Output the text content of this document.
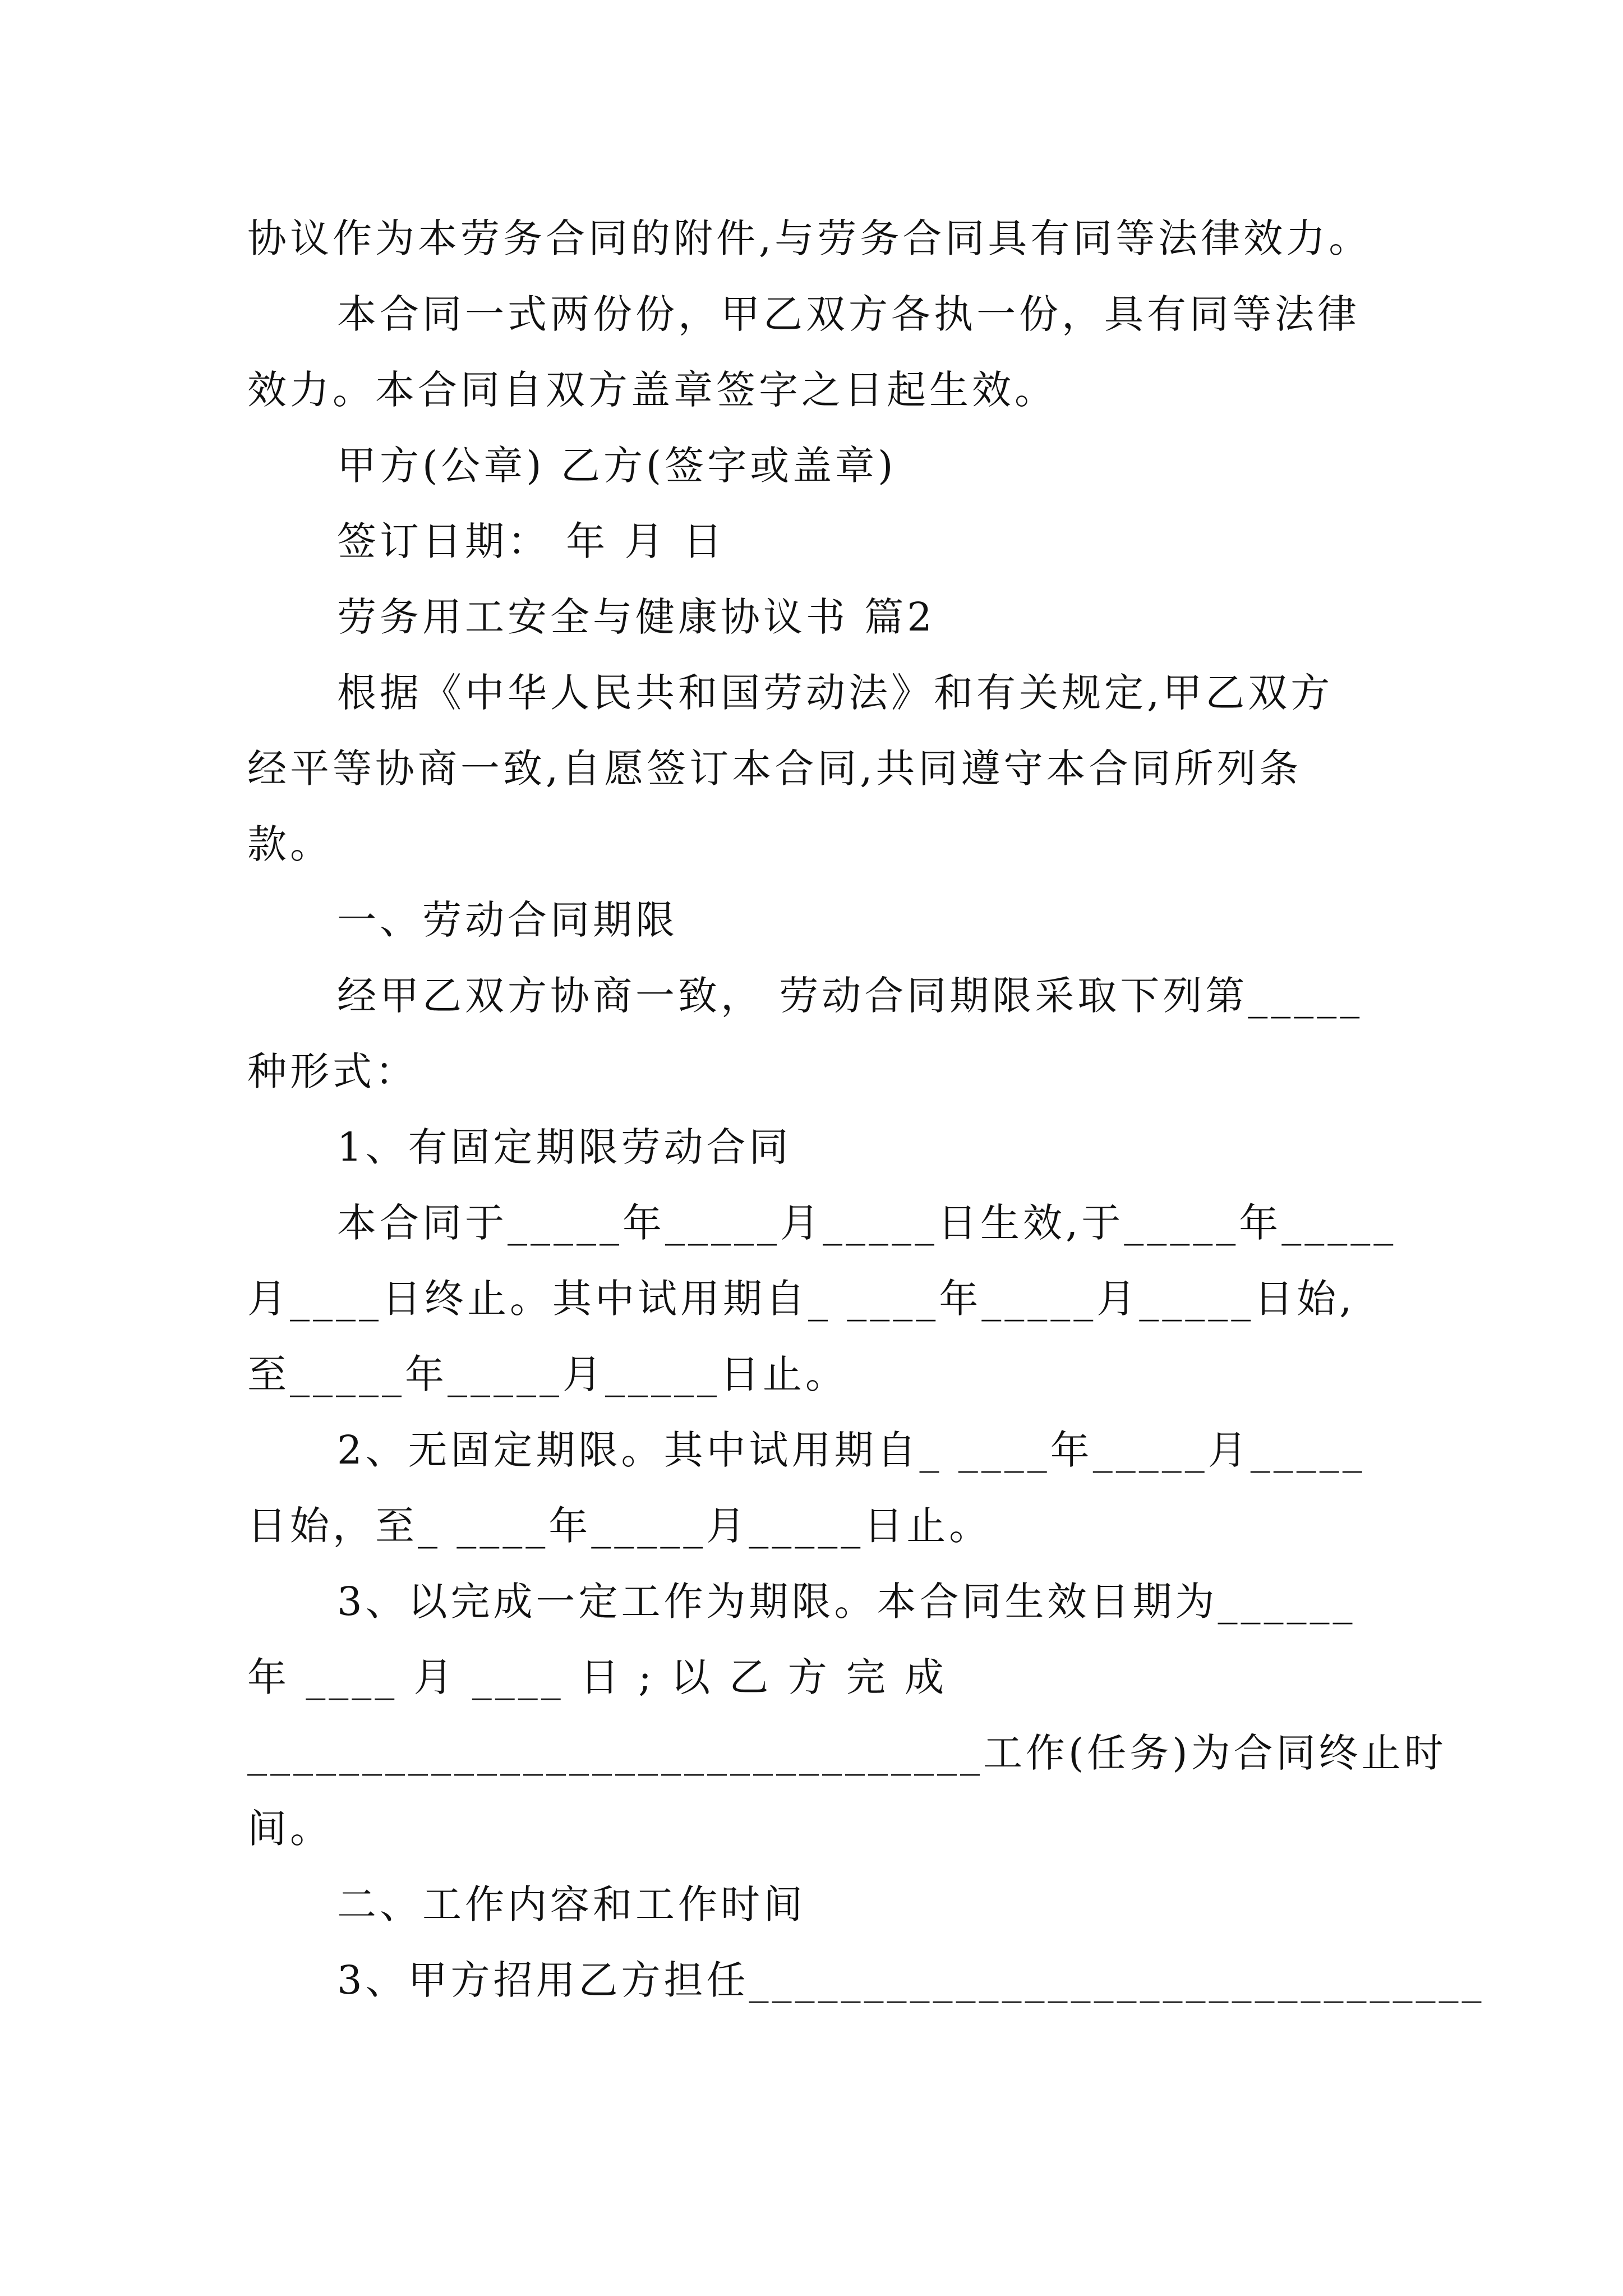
协议作为本劳务合同的附件,与劳务合同具有同等法律效力。
本合同一式两份份，甲乙双方各执一份，具有同等法律
效力。本合同自双方盖章签字之日起生效。
甲方(公章) 乙方(签字或盖章)
签订日期： 年 月 日
劳务用工安全与健康协议书 篇2
根据《中华人民共和国劳动法》和有关规定,甲乙双方
经平等协商一致,自愿签订本合同,共同遵守本合同所列条
款。
一、劳动合同期限
经甲乙双方协商一致， 劳动合同期限采取下列第_____
种形式：
1、有固定期限劳动合同
本合同于_____年_____月_____日生效,于_____年_____
月____日终止。其中试用期自_ ____年_____月_____日始,
至_____年_____月_____日止。
2、无固定期限。其中试用期自_ ____年_____月_____
日始，至_ ____年_____月_____日止。
3、以完成一定工作为期限。本合同生效日期为______
年 ____ 月 ____ 日 ; 以 乙 方 完 成
________________________________工作(任务)为合同终止时
间。
二、工作内容和工作时间
3、甲方招用乙方担任________________________________
